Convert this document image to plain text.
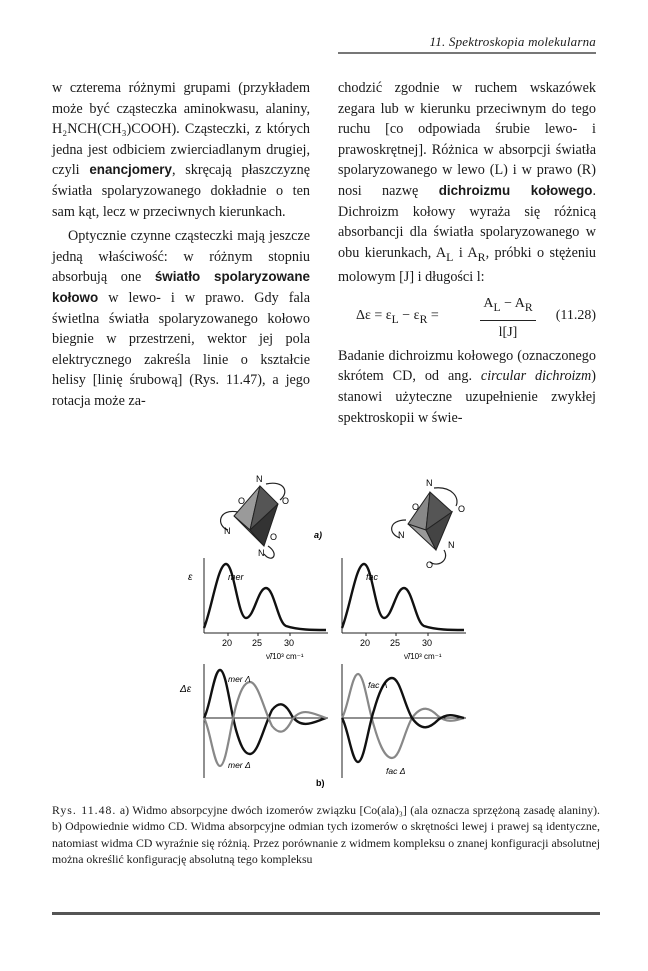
11. Spektroskopia molekularna

w czterema różnymi grupami (przykładem może być cząsteczka aminokwasu, alaniny, H₂NCH(CH₃)COOH). Cząsteczki, z których jedna jest odbiciem zwierciadlanym drugiej, czyli enancjomery, skręcają płaszczyznę światła spolaryzowanego dokładnie o ten sam kąt, lecz w przeciwnych kierunkach.

Optycznie czynne cząsteczki mają jeszcze jedną właściwość: w różnym stopniu absorbują one światło spolaryzowane kołowo w lewo- i w prawo. Gdy fala świetlna światła spolaryzowanego kołowo biegnie w przestrzeni, wektor jej pola elektrycznego zakreśla linie o kształcie helisy [linię śrubową] (Rys. 11.47), a jego rotacja może za-

chodzić zgodnie w ruchem wskazówek zegara lub w kierunku przeciwnym do tego ruchu [co odpowiada śrubie lewo- i prawoskrętnej]. Różnica w absorpcji światła spolaryzowanego w lewo (L) i w prawo (R) nosi nazwę dichroizmu kołowego. Dichroizm kołowy wyraża się różnicą absorbancji dla światła spolaryzowanego w obu kierunkach, $A_L$ i $A_R$, próbki o stężeniu molowym [J] i długości l:

$\Delta\varepsilon = \varepsilon_L - \varepsilon_R$ =	$\frac{A_L - A_R}{l[J]} (11.28)$

Badanie dichroizmu kołowego (oznaczonego skrótem CD, od ang. circular dichroizm) stanowi użyteczne uzupełnienie zwykłej spektroskopii w świe-

N
O	O
N
O
N
a)
N
O	O
N
N
O
ε	mer
20 25 30
ν̃/10³ cm⁻¹
fac
20 25 30
ν̃/10³ cm⁻¹
Δε
mer Λ
mer Δ
fac Λ
fac Δ
b)
Rys. 11.48. a) Widmo absorpcyjne dwóch izomerów związku [Co(ala)₃] (ala oznacza sprzężoną zasadę alaniny). b) Odpowiednie widmo CD. Widma absorpcyjne odmian tych izomerów o skrętności lewej i prawej są identyczne, natomiast widma CD wyraźnie się różnią. Przez porównanie z widmem kompleksu o znanej konfiguracji absolutnej można określić konfigurację absolutną tego kompleksu
